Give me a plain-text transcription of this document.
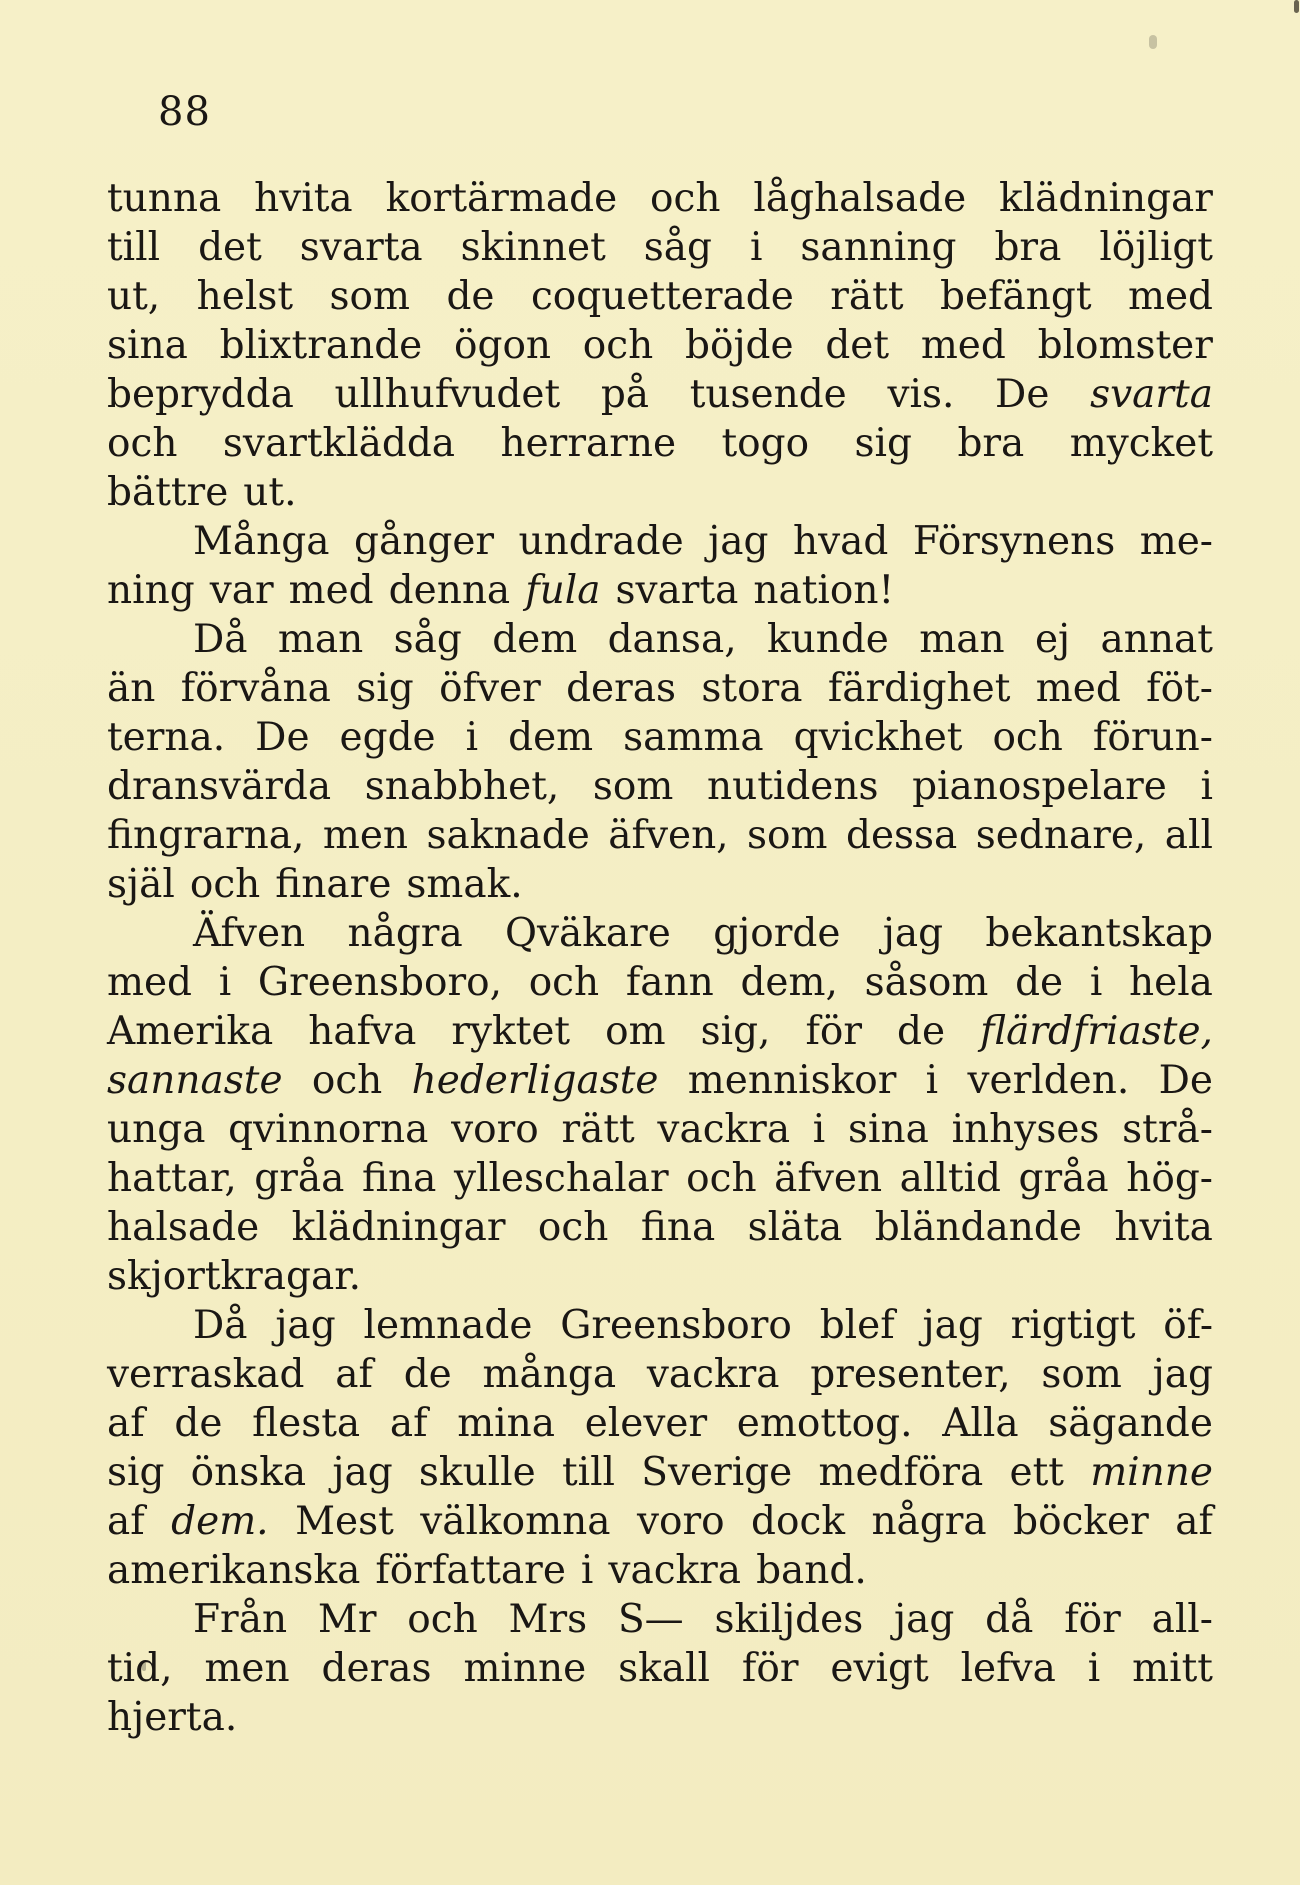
88
tunna hvita kortärmade och låghalsade klädningar
till det svarta skinnet såg i sanning bra löjligt
ut, helst som de coquetterade rätt befängt med
sina blixtrande ögon och böjde det med blomster
beprydda ullhufvudet på tusende vis. De svarta
och svartklädda herrarne togo sig bra mycket
bättre ut.
Många gånger undrade jag hvad Försynens me-
ning var med denna fula svarta nation!
Då man såg dem dansa, kunde man ej annat
än förvåna sig öfver deras stora färdighet med föt-
terna. De egde i dem samma qvickhet och förun-
dransvärda snabbhet, som nutidens pianospelare i
fingrarna, men saknade äfven, som dessa sednare, all
själ och finare smak.
Äfven några Qväkare gjorde jag bekantskap
med i Greensboro, och fann dem, såsom de i hela
Amerika hafva ryktet om sig, för de flärdfriaste,
sannaste och hederligaste menniskor i verlden. De
unga qvinnorna voro rätt vackra i sina inhyses strå-
hattar, gråa fina ylleschalar och äfven alltid gråa hög-
halsade klädningar och fina släta bländande hvita
skjortkragar.
Då jag lemnade Greensboro blef jag rigtigt öf-
verraskad af de många vackra presenter, som jag
af de flesta af mina elever emottog. Alla sägande
sig önska jag skulle till Sverige medföra ett minne
af dem. Mest välkomna voro dock några böcker af
amerikanska författare i vackra band.
Från Mr och Mrs S— skiljdes jag då för all-
tid, men deras minne skall för evigt lefva i mitt
hjerta.
